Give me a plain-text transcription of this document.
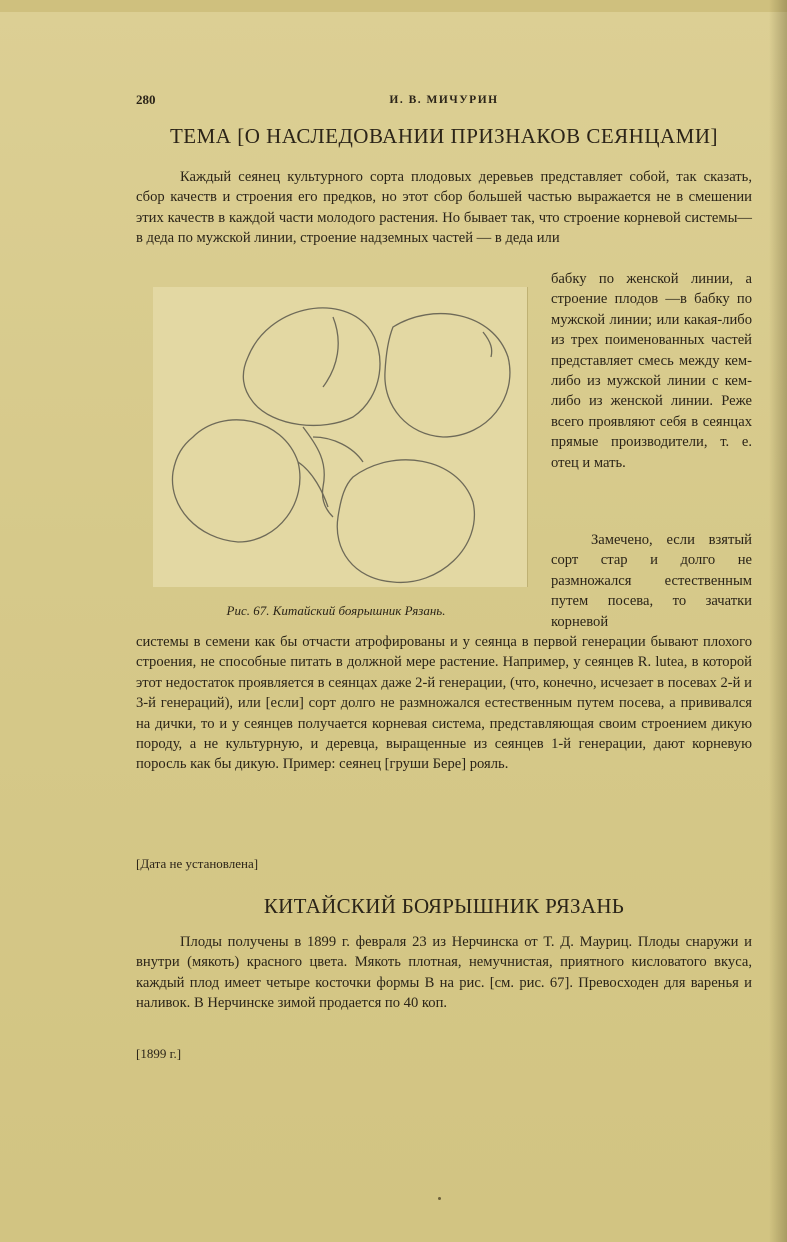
280	И. В. МИЧУРИН
ТЕМА [О НАСЛЕДОВАНИИ ПРИЗНАКОВ СЕЯНЦАМИ]
Каждый сеянец культурного сорта плодовых деревьев представляет собой, так сказать, сбор качеств и строения его предков, но этот сбор большей частью выражается не в смешении этих качеств в каждой части молодого растения. Но бывает так, что строение корневой системы— в деда по мужской линии, строение надземных частей — в деда или
бабку по женской линии, а строение плодов —в бабку по мужской линии; или какая-либо из трех поименованных частей представляет смесь между кем-либо из мужской линии с кем-либо из женской линии. Реже всего проявляют себя в сеянцах прямые производители, т. е. отец и мать.
Замечено, если взятый сорт стар и долго не размножался естественным путем посева, то зачатки корневой
Рис. 67. Китайский боярышник Рязань.
системы в семени как бы отчасти атрофированы и у сеянца в первой генерации бывают плохого строения, не способные питать в должной мере растение. Например, у сеянцев R. lutea, в которой этот недостаток проявляется в сеянцах даже 2-й генерации, (что, конечно, исчезает в посевах 2-й и 3-й генераций), или [если] сорт долго не размножался естественным путем посева, а прививался на дички, то и у сеянцев получается корневая система, представляющая своим строением дикую породу, а не культурную, и деревца, выращенные из сеянцев 1-й генерации, дают корневую поросль как бы дикую. Пример: сеянец [груши Бере] рояль.
[Дата не установлена]
КИТАЙСКИЙ БОЯРЫШНИК РЯЗАНЬ
Плоды получены в 1899 г. февраля 23 из Нерчинска от Т. Д. Мауриц. Плоды снаружи и внутри (мякоть) красного цвета. Мякоть плотная, немучнистая, приятного кисловатого вкуса, каждый плод имеет четыре косточки формы B на рис. [см. рис. 67]. Превосходен для варенья и наливок. В Нерчинске зимой продается по 40 коп.
[1899 г.]
